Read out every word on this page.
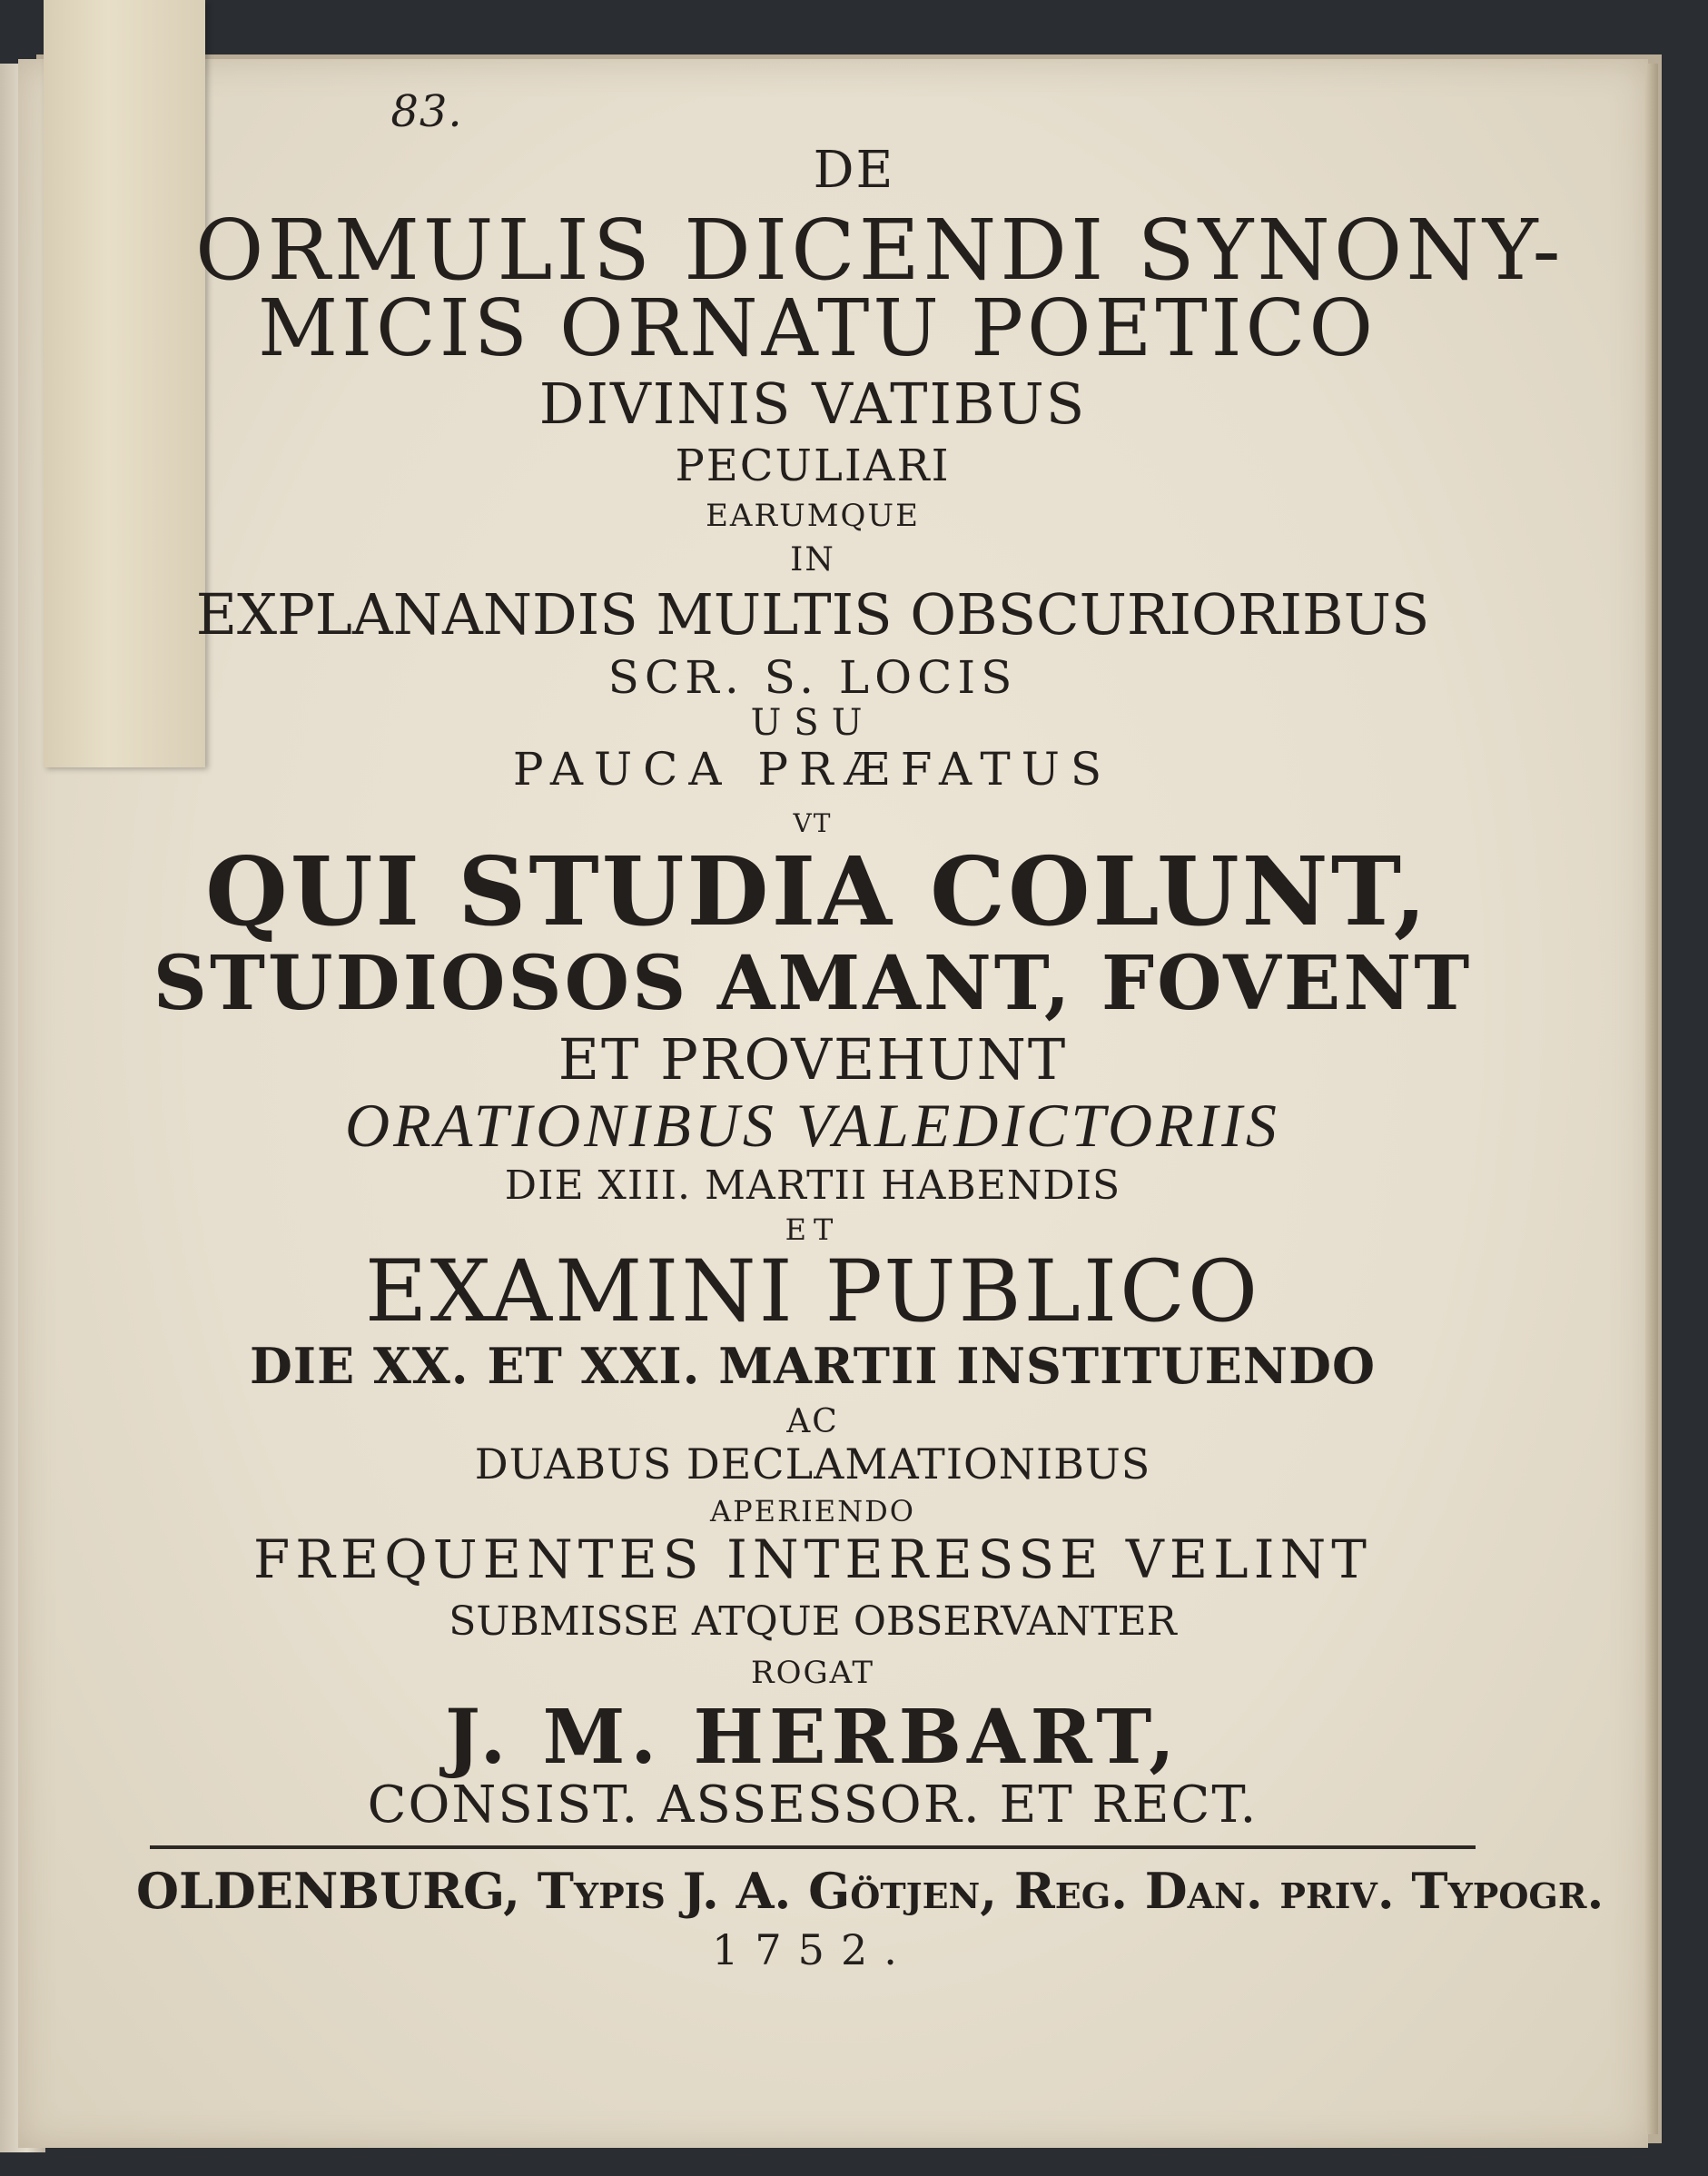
83.
DE
ORMULIS DICENDI SYNONY-
MICIS ORNATU POETICO
DIVINIS VATIBUS
PECULIARI
EARUMQUE
IN
EXPLANANDIS MULTIS OBSCURIORIBUS
SCR. S. LOCIS
USU
PAUCA PRÆFATUS
VT
QUI STUDIA COLUNT,
STUDIOSOS AMANT, FOVENT
ET PROVEHUNT
ORATIONIBUS VALEDICTORIIS
DIE XIII. MARTII HABENDIS
ET
EXAMINI PUBLICO
DIE XX. ET XXI. MARTII INSTITUENDO
AC
DUABUS DECLAMATIONIBUS
APERIENDO
FREQUENTES INTERESSE VELINT
SUBMISSE ATQUE OBSERVANTER
ROGAT
J. M. HERBART,
CONSIST. ASSESSOR. ET RECT.
OLDENBURG, Typis J. A. Götjen, Reg. Dan. priv. Typogr.
1752.
